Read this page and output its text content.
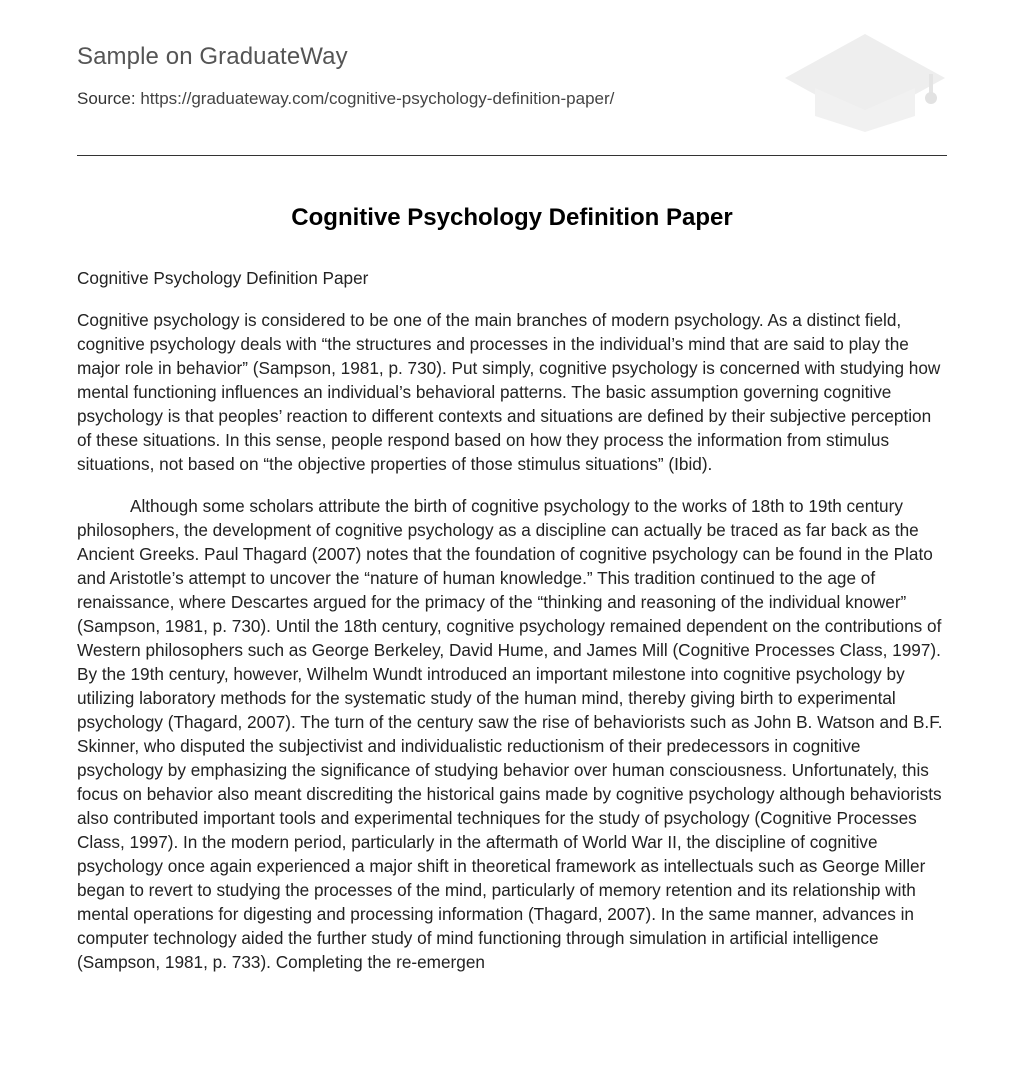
Sample on GraduateWay
Source: https://graduateway.com/cognitive-psychology-definition-paper/
Cognitive Psychology Definition Paper

Cognitive Psychology Definition Paper

Cognitive psychology is considered to be one of the main branches of modern psychology. As a distinct field, cognitive psychology deals with “the structures and processes in the individual’s mind that are said to play the major role in behavior” (Sampson, 1981, p. 730). Put simply, cognitive psychology is concerned with studying how mental functioning influences an individual’s behavioral patterns. The basic assumption governing cognitive psychology is that peoples’ reaction to different contexts and situations are defined by their subjective perception of these situations. In this sense, people respond based on how they process the information from stimulus situations, not based on “the objective properties of those stimulus situations” (Ibid).

Although some scholars attribute the birth of cognitive psychology to the works of 18th to 19th century philosophers, the development of cognitive psychology as a discipline can actually be traced as far back as the Ancient Greeks. Paul Thagard (2007) notes that the foundation of cognitive psychology can be found in the Plato and Aristotle’s attempt to uncover the “nature of human knowledge.” This tradition continued to the age of renaissance, where Descartes argued for the primacy of the “thinking and reasoning of the individual knower” (Sampson, 1981, p. 730). Until the 18th century, cognitive psychology remained dependent on the contributions of Western philosophers such as George Berkeley, David Hume, and James Mill (Cognitive Processes Class, 1997). By the 19th century, however, Wilhelm Wundt introduced an important milestone into cognitive psychology by utilizing laboratory methods for the systematic study of the human mind, thereby giving birth to experimental psychology (Thagard, 2007). The turn of the century saw the rise of behaviorists such as John B. Watson and B.F. Skinner, who disputed the subjectivist and individualistic reductionism of their predecessors in cognitive psychology by emphasizing the significance of studying behavior over human consciousness. Unfortunately, this focus on behavior also meant discrediting the historical gains made by cognitive psychology although behaviorists also contributed important tools and experimental techniques for the study of psychology (Cognitive Processes Class, 1997). In the modern period, particularly in the aftermath of World War II, the discipline of cognitive psychology once again experienced a major shift in theoretical framework as intellectuals such as George Miller began to revert to studying the processes of the mind, particularly of memory retention and its relationship with mental operations for digesting and processing information (Thagard, 2007). In the same manner, advances in computer technology aided the further study of mind functioning through simulation in artificial intelligence (Sampson, 1981, p. 733). Completing the re-emergen
